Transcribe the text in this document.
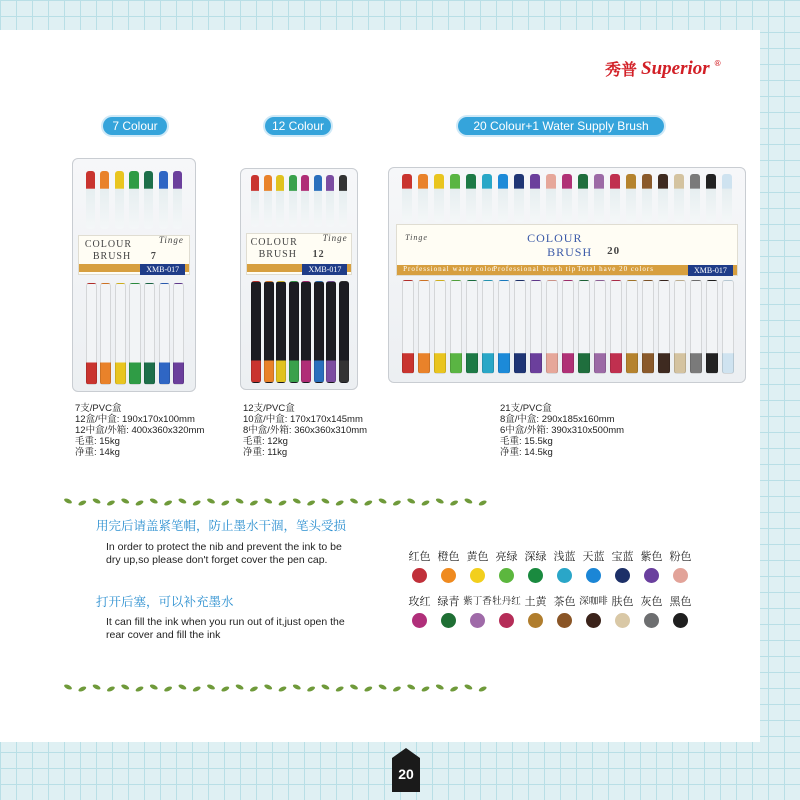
秀普 Superior ®
7 Colour	12 Colour	20 Colour+1 Water Supply Brush
COLOUR
BRUSH 7
Tinge
XMB-017
COLOUR
BRUSH 12
Tinge
XMB-017
Tinge	COLOUR
BRUSH 20
Professional water color
Professional brush tip Total have 20 colors	XMB-017
7支/PVC盒
12盒/中盒: 190x170x100mm
12中盒/外箱: 400x360x320mm
毛重: 15kg
净重: 14kg
12支/PVC盒
10盒/中盒: 170x170x145mm
8中盒/外箱: 360x360x310mm
毛重: 12kg
净重: 11kg
21支/PVC盒
8盒/中盒: 290x185x160mm
6中盒/外箱: 390x310x500mm
毛重: 15.5kg
净重: 14.5kg
用完后请盖紧笔帽，防止墨水干涸，笔头受损
In order to protect the nib and prevent the ink to be dry up,so please don't forget cover the pen cap.
打开后塞，可以补充墨水
It can fill the ink when you run out of it,just open the rear cover and fill the ink
红色 橙色 黄色 亮绿 深绿 浅蓝 天蓝 宝蓝 紫色 粉色
玫红 绿青 紫丁香 牡丹红 土黄 茶色 深咖啡 肤色 灰色 黑色
20
